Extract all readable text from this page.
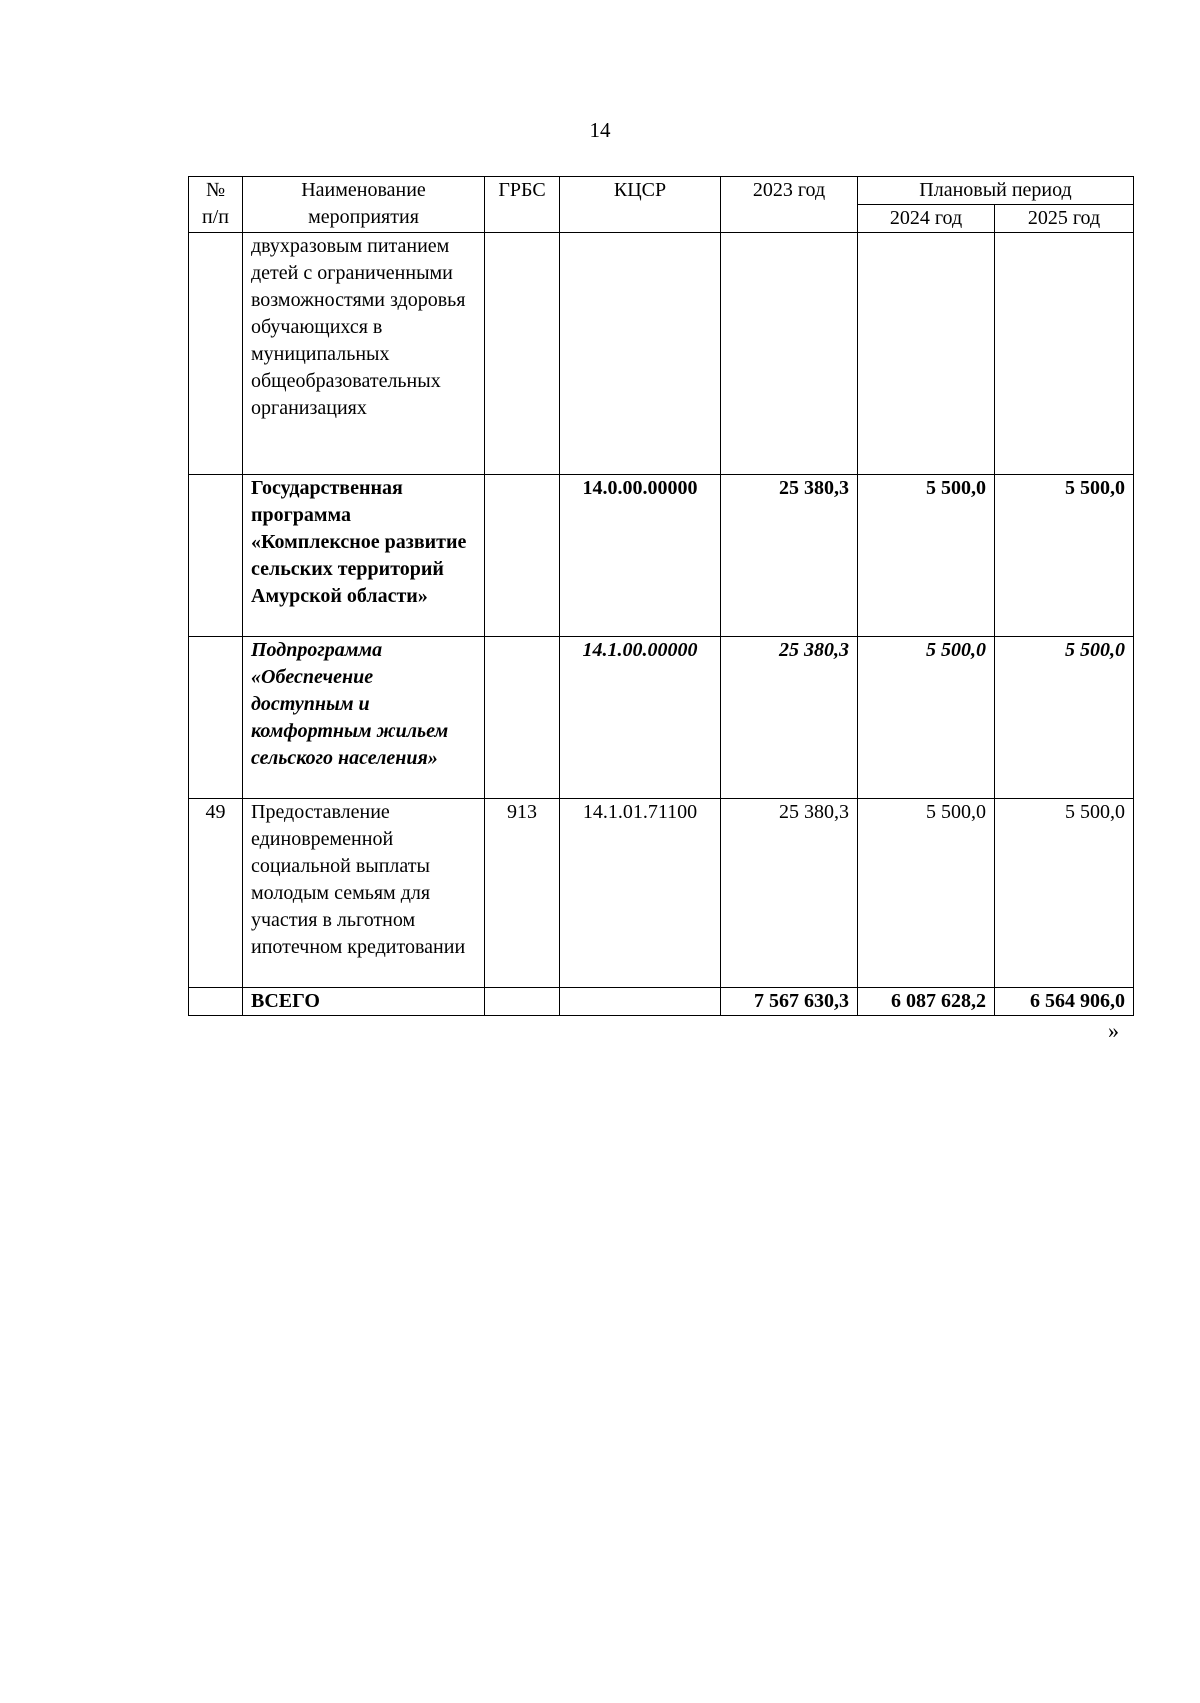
14
№ п/п	Наименование мероприятия	ГРБС	КЦСР	2023 год	Плановый период	
					2024 год	2025 год
	двухразовым питанием детей с ограниченными возможностями здоровья обучающихся в муниципальных общеобразовательных организациях					
	Государственная программа «Комплексное развитие сельских территорий Амурской области»		14.0.00.00000	25 380,3	5 500,0	5 500,0
	Подпрограмма «Обеспечение доступным и комфортным жильем сельского населения»		14.1.00.00000	25 380,3	5 500,0	5 500,0
49	Предоставление единовременной социальной выплаты молодым семьям для участия в льготном ипотечном кредитовании	913	14.1.01.71100	25 380,3	5 500,0	5 500,0
	ВСЕГО			7 567 630,3	6 087 628,2	6 564 906,0
»
